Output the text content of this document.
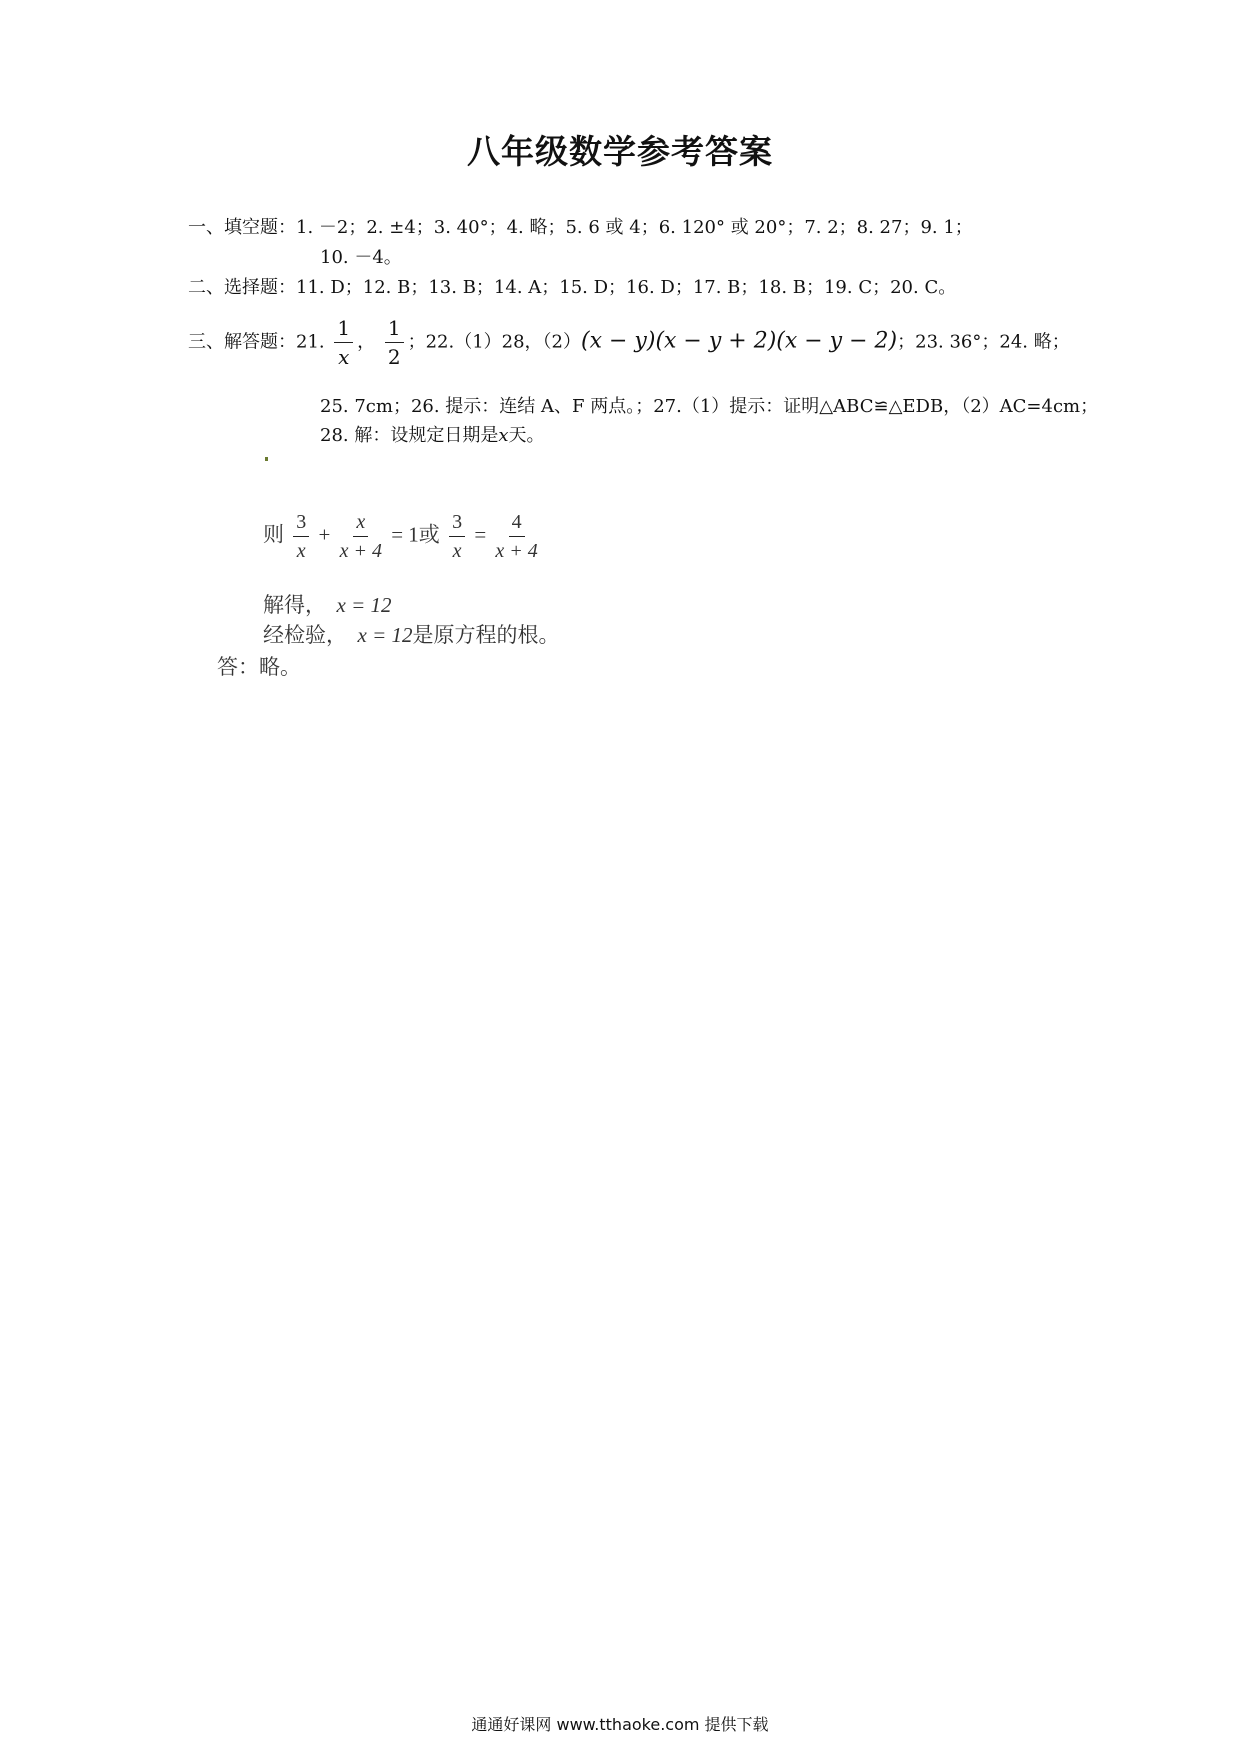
八年级数学参考答案
一、填空题：1. －2；2. ±4；3. 40°；4. 略；5. 6 或 4；6. 120° 或 20°；7. 2；8. 27；9. 1；
10. －4。
二、选择题：11. D；12. B；13. B；14. A；15. D；16. D；17. B；18. B；19. C；20. C。
三、解答题：21. $\frac{1}{x}$ ， $\frac{1}{2}$ ；22.（1）28，（2）(x − y)(x − y + 2)(x − y − 2)；23. 36°；24. 略；
25. 7cm；26. 提示：连结 A、F 两点。；27.（1）提示：证明△ABC≌△EDB，（2）AC=4cm；
28. 解：设规定日期是x天。
则 $\frac{3}{x} + \frac{x}{x + 4} = 1$或 $\frac{3}{x} = \frac{4}{x + 4}$
解得， x = 12
经检验， x = 12是原方程的根。
答：略。
通通好课网 www.tthaoke.com 提供下载
